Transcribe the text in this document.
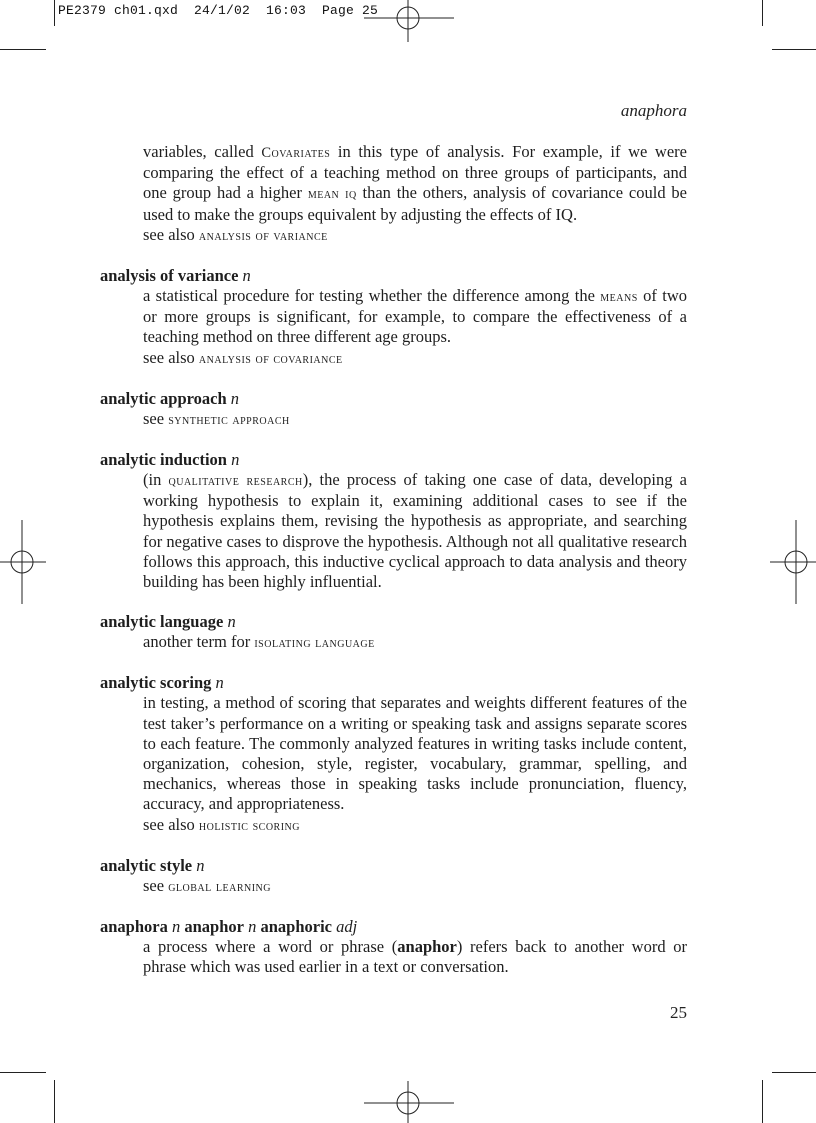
PE2379 ch01.qxd  24/1/02  16:03  Page 25
anaphora

variables, called Covariates in this type of analysis. For example, if we were comparing the effect of a teaching method on three groups of participants, and one group had a higher mean iq than the others, analysis of covariance could be used to make the groups equivalent by adjusting the effects of IQ.

see also analysis of variance

analysis of variance n

a statistical procedure for testing whether the difference among the means of two or more groups is significant, for example, to compare the effectiveness of a teaching method on three different age groups.

see also analysis of covariance

analytic approach n

see synthetic approach

analytic induction n

(in qualitative research), the process of taking one case of data, developing a working hypothesis to explain it, examining additional cases to see if the hypothesis explains them, revising the hypothesis as appropriate, and searching for negative cases to disprove the hypothesis. Although not all qualitative research follows this approach, this inductive cyclical approach to data analysis and theory building has been highly influential.

analytic language n

another term for isolating language

analytic scoring n

in testing, a method of scoring that separates and weights different features of the test taker’s performance on a writing or speaking task and assigns separate scores to each feature. The commonly analyzed features in writing tasks include content, organization, cohesion, style, register, vocabulary, grammar, spelling, and mechanics, whereas those in speaking tasks include pronunciation, fluency, accuracy, and appropriateness.

see also holistic scoring

analytic style n

see global learning

anaphora n anaphor n anaphoric adj

a process where a word or phrase (anaphor) refers back to another word or phrase which was used earlier in a text or conversation.

25
